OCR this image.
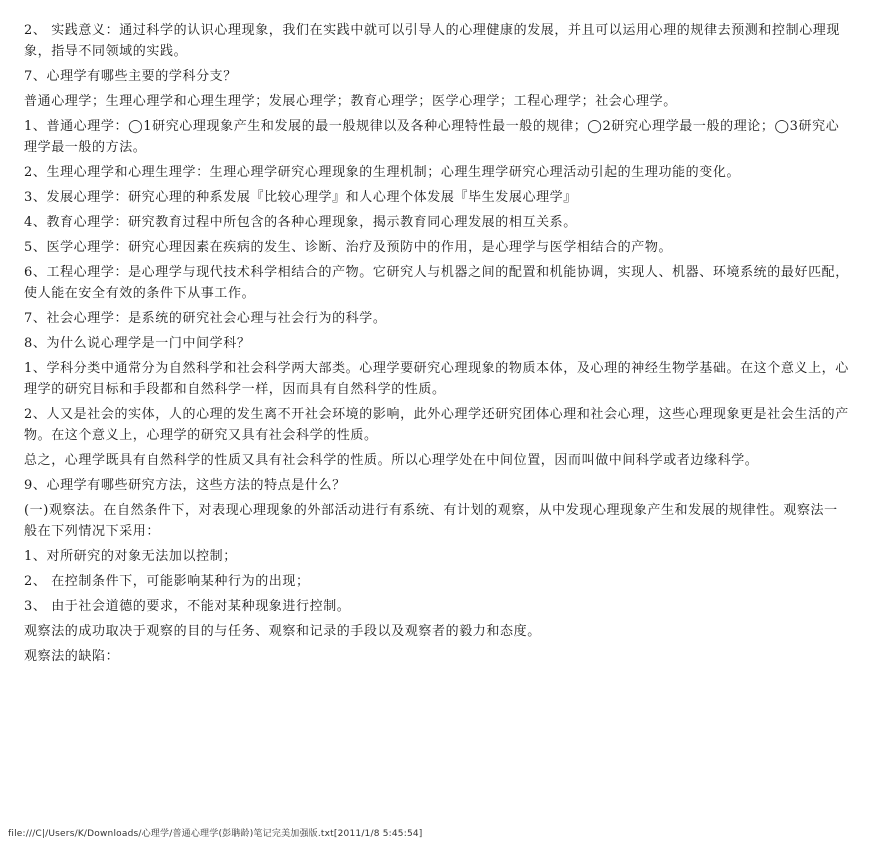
2、 实践意义：通过科学的认识心理现象，我们在实践中就可以引导人的心理健康的发展，并且可以运用心理的规律去预测和控制心理现象，指导不同领域的实践。

7、心理学有哪些主要的学科分支？

普通心理学；生理心理学和心理生理学；发展心理学；教育心理学；医学心理学；工程心理学；社会心理学。

1、普通心理学：◯1研究心理现象产生和发展的最一般规律以及各种心理特性最一般的规律；◯2研究心理学最一般的理论；◯3研究心理学最一般的方法。

2、生理心理学和心理生理学：生理心理学研究心理现象的生理机制；心理生理学研究心理活动引起的生理功能的变化。

3、发展心理学：研究心理的种系发展『比较心理学』和人心理个体发展『毕生发展心理学』

4、教育心理学：研究教育过程中所包含的各种心理现象，揭示教育同心理发展的相互关系。

5、医学心理学：研究心理因素在疾病的发生、诊断、治疗及预防中的作用，是心理学与医学相结合的产物。

6、工程心理学：是心理学与现代技术科学相结合的产物。它研究人与机器之间的配置和机能协调，实现人、机器、环境系统的最好匹配，使人能在安全有效的条件下从事工作。

7、社会心理学：是系统的研究社会心理与社会行为的科学。

8、为什么说心理学是一门中间学科？

1、学科分类中通常分为自然科学和社会科学两大部类。心理学要研究心理现象的物质本体，及心理的神经生物学基础。在这个意义上，心理学的研究目标和手段都和自然科学一样，因而具有自然科学的性质。

2、人又是社会的实体，人的心理的发生离不开社会环境的影响，此外心理学还研究团体心理和社会心理，这些心理现象更是社会生活的产物。在这个意义上，心理学的研究又具有社会科学的性质。

总之，心理学既具有自然科学的性质又具有社会科学的性质。所以心理学处在中间位置，因而叫做中间科学或者边缘科学。

9、心理学有哪些研究方法，这些方法的特点是什么？

(一)观察法。在自然条件下，对表现心理现象的外部活动进行有系统、有计划的观察，从中发现心理现象产生和发展的规律性。观察法一般在下列情况下采用：

1、对所研究的对象无法加以控制；

2、 在控制条件下，可能影响某种行为的出现；

3、 由于社会道德的要求，不能对某种现象进行控制。

观察法的成功取决于观察的目的与任务、观察和记录的手段以及观察者的毅力和态度。

观察法的缺陷：

file:///C|/Users/K/Downloads/心理学/普通心理学(彭聃龄)笔记完美加强版.txt[2011/1/8 5:45:54]
